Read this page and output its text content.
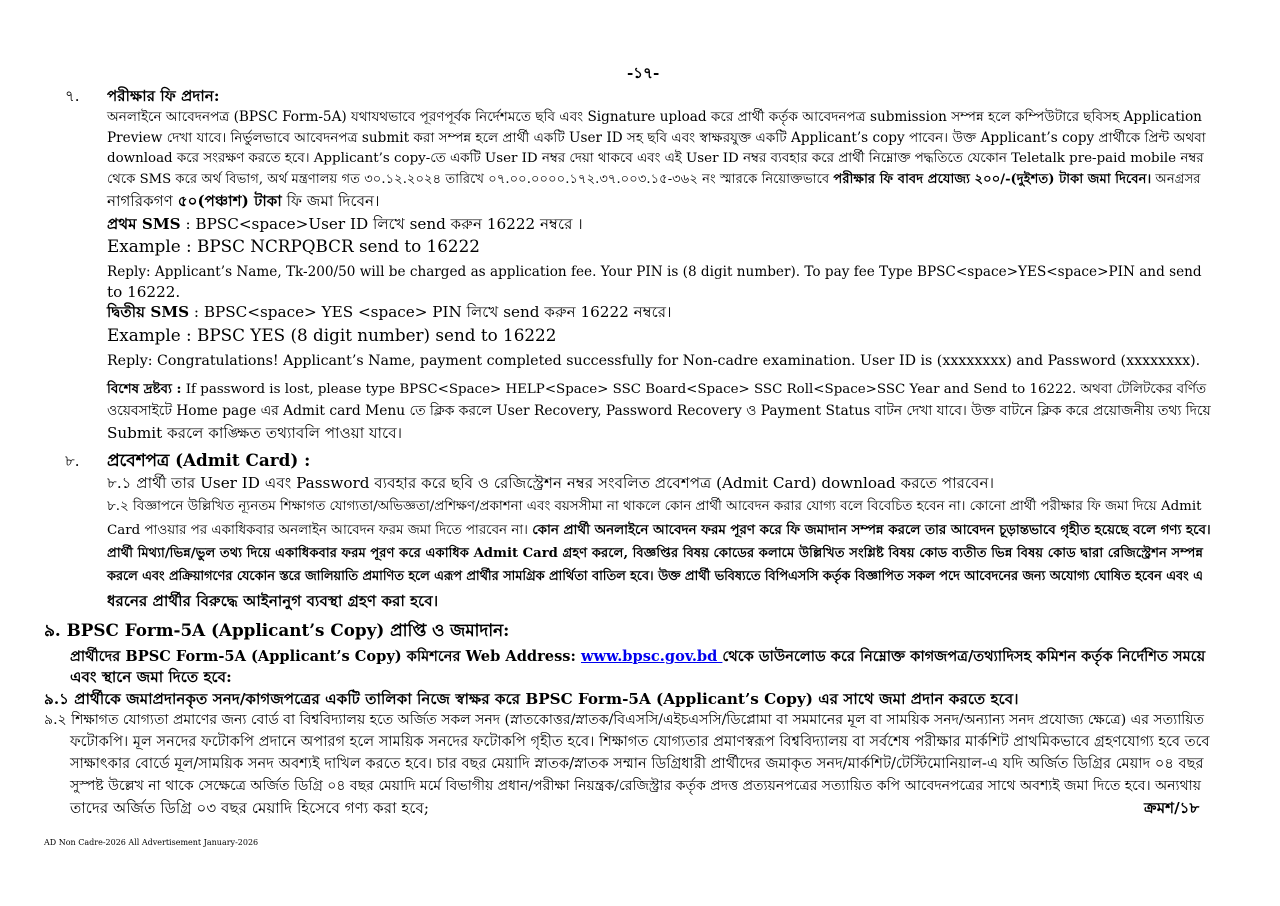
-১৭-
৭. পরীক্ষার ফি প্রদান:
অনলাইনে আবেদনপত্র (BPSC Form-5A) যথাযথভাবে পূরণপূর্বক নির্দেশমতে ছবি এবং Signature upload করে প্রার্থী কর্তৃক আবেদনপত্র submission সম্পন্ন হলে কম্পিউটারে ছবিসহ Application
Preview দেখা যাবে। নির্ভুলভাবে আবেদনপত্র submit করা সম্পন্ন হলে প্রার্থী একটি User ID সহ ছবি এবং স্বাক্ষরযুক্ত একটি Applicant’s copy পাবেন। উক্ত Applicant’s copy প্রার্থীকে প্রিন্ট অথবা
download করে সংরক্ষণ করতে হবে। Applicant’s copy-তে একটি User ID নম্বর দেয়া থাকবে এবং এই User ID নম্বর ব্যবহার করে প্রার্থী নিম্নোক্ত পদ্ধতিতে যেকোন Teletalk pre-paid mobile নম্বর
থেকে SMS করে অর্থ বিভাগ, অর্থ মন্ত্রণালয় গত ৩০.১২.২০২৪ তারিখে ০৭.০০.০০০০.১৭২.৩৭.০০৩.১৫-৩৬২ নং স্মারকে নিয়োক্তভাবে পরীক্ষার ফি বাবদ প্রযোজ্য ২০০/-(দুইশত) টাকা জমা দিবেন। অনগ্রসর
নাগরিকগণ ৫০(পঞ্চাশ) টাকা ফি জমা দিবেন।
প্রথম SMS : BPSC<space>User ID লিখে send করুন 16222 নম্বরে ।
Example : BPSC NCRPQBCR send to 16222
Reply: Applicant’s Name, Tk-200/50 will be charged as application fee. Your PIN is (8 digit number). To pay fee Type BPSC<space>YES<space>PIN and send
to 16222.
দ্বিতীয় SMS : BPSC<space> YES <space> PIN লিখে send করুন 16222 নম্বরে।
Example : BPSC YES (8 digit number) send to 16222
Reply: Congratulations! Applicant’s Name, payment completed successfully for Non-cadre examination. User ID is (xxxxxxxx) and Password (xxxxxxxx).
বিশেষ দ্রষ্টব্য : If password is lost, please type BPSC<Space> HELP<Space> SSC Board<Space> SSC Roll<Space>SSC Year and Send to 16222. অথবা টেলিটকের বর্ণিত
ওয়েবসাইটে Home page এর Admit card Menu তে ক্লিক করলে User Recovery, Password Recovery ও Payment Status বাটন দেখা যাবে। উক্ত বাটনে ক্লিক করে প্রয়োজনীয় তথ্য দিয়ে
Submit করলে কাঙ্ক্ষিত তথ্যাবলি পাওয়া যাবে।
৮. প্রবেশপত্র (Admit Card) :
৮.১ প্রার্থী তার User ID এবং Password ব্যবহার করে ছবি ও রেজিস্ট্রেশন নম্বর সংবলিত প্রবেশপত্র (Admit Card) download করতে পারবেন।
৮.২ বিজ্ঞাপনে উল্লিখিত ন্যূনতম শিক্ষাগত যোগ্যতা/অভিজ্ঞতা/প্রশিক্ষণ/প্রকাশনা এবং বয়সসীমা না থাকলে কোন প্রার্থী আবেদন করার যোগ্য বলে বিবেচিত হবেন না। কোনো প্রার্থী পরীক্ষার ফি জমা দিয়ে Admit
Card পাওয়ার পর একাধিকবার অনলাইন আবেদন ফরম জমা দিতে পারবেন না। কোন প্রার্থী অনলাইনে আবেদন ফরম পূরণ করে ফি জমাদান সম্পন্ন করলে তার আবেদন চূড়ান্তভাবে গৃহীত হয়েছে বলে গণ্য হবে।
প্রার্থী মিথ্যা/ভিন্ন/ভুল তথ্য দিয়ে একাধিকবার ফরম পূরণ করে একাধিক Admit Card গ্রহণ করলে, বিজ্ঞপ্তির বিষয় কোডের কলামে উল্লিখিত সংশ্লিষ্ট বিষয় কোড ব্যতীত ভিন্ন বিষয় কোড দ্বারা রেজিস্ট্রেশন সম্পন্ন
করলে এবং প্রক্রিয়াগণের যেকোন স্তরে জালিয়াতি প্রমাণিত হলে এরূপ প্রার্থীর সামগ্রিক প্রার্থিতা বাতিল হবে। উক্ত প্রার্থী ভবিষ্যতে বিপিএসসি কর্তৃক বিজ্ঞাপিত সকল পদে আবেদনের জন্য অযোগ্য ঘোষিত হবেন এবং এ
ধরনের প্রার্থীর বিরুদ্ধে আইনানুগ ব্যবস্থা গ্রহণ করা হবে।
৯. BPSC Form-5A (Applicant’s Copy) প্রাপ্তি ও জমাদান:
প্রার্থীদের BPSC Form-5A (Applicant’s Copy) কমিশনের Web Address: www.bpsc.gov.bd থেকে ডাউনলোড করে নিম্নোক্ত কাগজপত্র/তথ্যাদিসহ কমিশন কর্তৃক নির্দেশিত সময়ে
এবং স্থানে জমা দিতে হবে:
৯.১ প্রার্থীকে জমাপ্রদানকৃত সনদ/কাগজপত্রের একটি তালিকা নিজে স্বাক্ষর করে BPSC Form-5A (Applicant’s Copy) এর সাথে জমা প্রদান করতে হবে।
৯.২ শিক্ষাগত যোগ্যতা প্রমাণের জন্য বোর্ড বা বিশ্ববিদ্যালয় হতে অর্জিত সকল সনদ (স্নাতকোত্তর/স্নাতক/বিএসসি/এইচএসসি/ডিপ্লোমা বা সমমানের মূল বা সাময়িক সনদ/অন্যান্য সনদ প্রযোজ্য ক্ষেত্রে) এর সত্যায়িত
ফটোকপি। মূল সনদের ফটোকপি প্রদানে অপারগ হলে সাময়িক সনদের ফটোকপি গৃহীত হবে। শিক্ষাগত যোগ্যতার প্রমাণস্বরূপ বিশ্ববিদ্যালয় বা সর্বশেষ পরীক্ষার মার্কশিট প্রাথমিকভাবে গ্রহণযোগ্য হবে তবে
সাক্ষাৎকার বোর্ডে মূল/সাময়িক সনদ অবশ্যই দাখিল করতে হবে। চার বছর মেয়াদি স্নাতক/স্নাতক সম্মান ডিগ্রিধারী প্রার্থীদের জমাকৃত সনদ/মার্কশিট/টেস্টিমোনিয়াল-এ যদি অর্জিত ডিগ্রির মেয়াদ ০৪ বছর
সুস্পষ্ট উল্লেখ না থাকে সেক্ষেত্রে অর্জিত ডিগ্রি ০৪ বছর মেয়াদি মর্মে বিভাগীয় প্রধান/পরীক্ষা নিয়ন্ত্রক/রেজিস্ট্রার কর্তৃক প্রদত্ত প্রত্যয়নপত্রের সত্যায়িত কপি আবেদনপত্রের সাথে অবশ্যই জমা দিতে হবে। অন্যথায়
তাদের অর্জিত ডিগ্রি ০৩ বছর মেয়াদি হিসেবে গণ্য করা হবে;	ক্রমশ/১৮
AD Non Cadre-2026 All Advertisement January-2026
